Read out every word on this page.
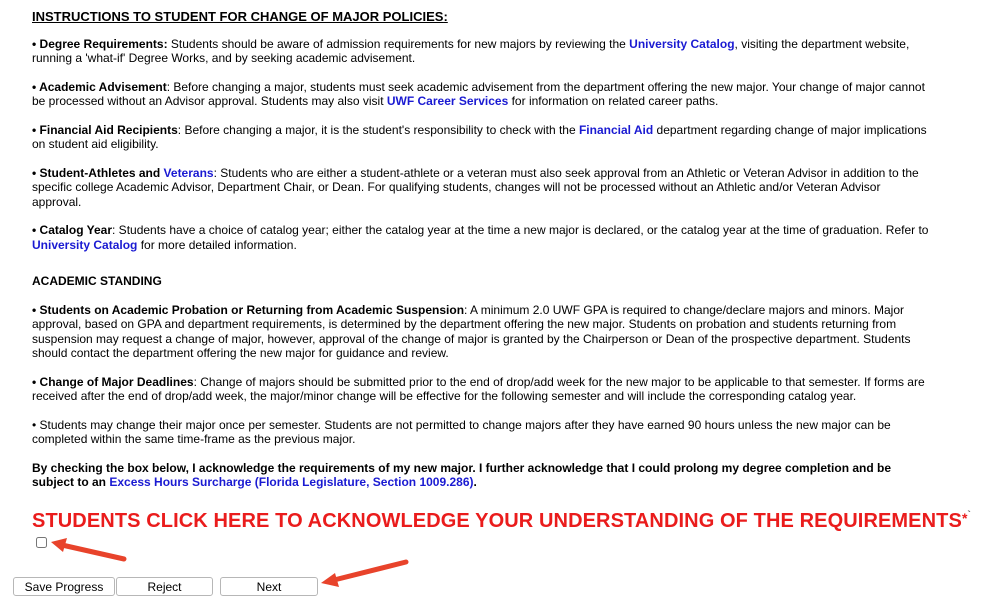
INSTRUCTIONS TO STUDENT FOR CHANGE OF MAJOR POLICIES:

• Degree Requirements: Students should be aware of admission requirements for new majors by reviewing the University Catalog, visiting the department website, running a 'what-if' Degree Works, and by seeking academic advisement.

• Academic Advisement: Before changing a major, students must seek academic advisement from the department offering the new major. Your change of major cannot be processed without an Advisor approval. Students may also visit UWF Career Services for information on related career paths.

• Financial Aid Recipients: Before changing a major, it is the student's responsibility to check with the Financial Aid department regarding change of major implications on student aid eligibility.

• Student-Athletes and Veterans: Students who are either a student-athlete or a veteran must also seek approval from an Athletic or Veteran Advisor in addition to the specific college Academic Advisor, Department Chair, or Dean. For qualifying students, changes will not be processed without an Athletic and/or Veteran Advisor approval.

• Catalog Year: Students have a choice of catalog year; either the catalog year at the time a new major is declared, or the catalog year at the time of graduation. Refer to University Catalog for more detailed information.

ACADEMIC STANDING

• Students on Academic Probation or Returning from Academic Suspension: A minimum 2.0 UWF GPA is required to change/declare majors and minors. Major approval, based on GPA and department requirements, is determined by the department offering the new major. Students on probation and students returning from suspension may request a change of major, however, approval of the change of major is granted by the Chairperson or Dean of the prospective department. Students should contact the department offering the new major for guidance and review.

• Change of Major Deadlines: Change of majors should be submitted prior to the end of drop/add week for the new major to be applicable to that semester. If forms are received after the end of drop/add week, the major/minor change will be effective for the following semester and will include the corresponding catalog year.

• Students may change their major once per semester. Students are not permitted to change majors after they have earned 90 hours unless the new major can be completed within the same time-frame as the previous major.

By checking the box below, I acknowledge the requirements of my new major. I further acknowledge that I could prolong my degree completion and be subject to an Excess Hours Surcharge (Florida Legislature, Section 1009.286).
STUDENTS CLICK HERE TO ACKNOWLEDGE YOUR UNDERSTANDING OF THE REQUIREMENTS*`
Save Progress	Reject	Next
